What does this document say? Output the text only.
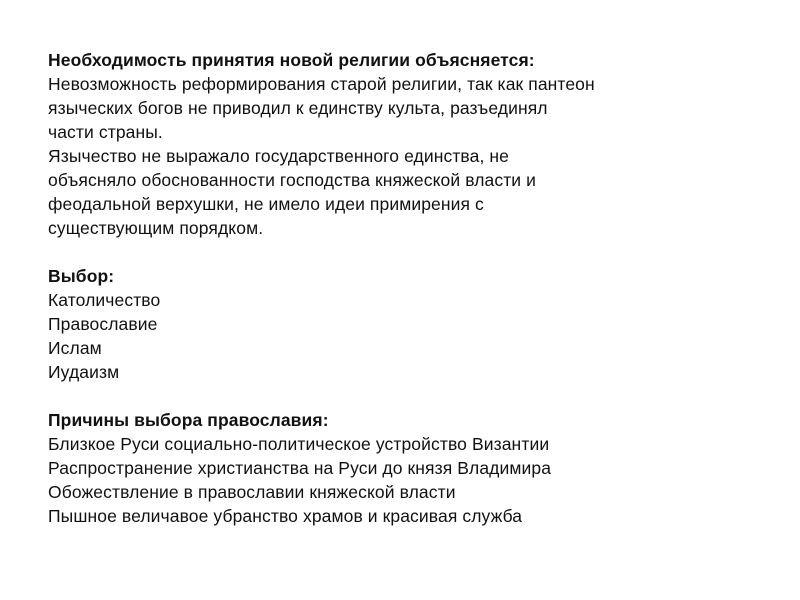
Необходимость принятия новой религии объясняется:

Невозможность реформирования старой религии, так как пантеон

языческих богов не приводил к единству культа, разъединял

части страны.

Язычество не выражало государственного единства, не

объясняло обоснованности господства княжеской власти и

феодальной верхушки, не имело идеи примирения с

существующим порядком.

Выбор:

Католичество

Православие

Ислам

Иудаизм

Причины выбора православия:

Близкое Руси социально-политическое устройство Византии

Распространение христианства на Руси до князя Владимира

Обожествление в православии княжеской власти

Пышное величавое убранство храмов и красивая служба
